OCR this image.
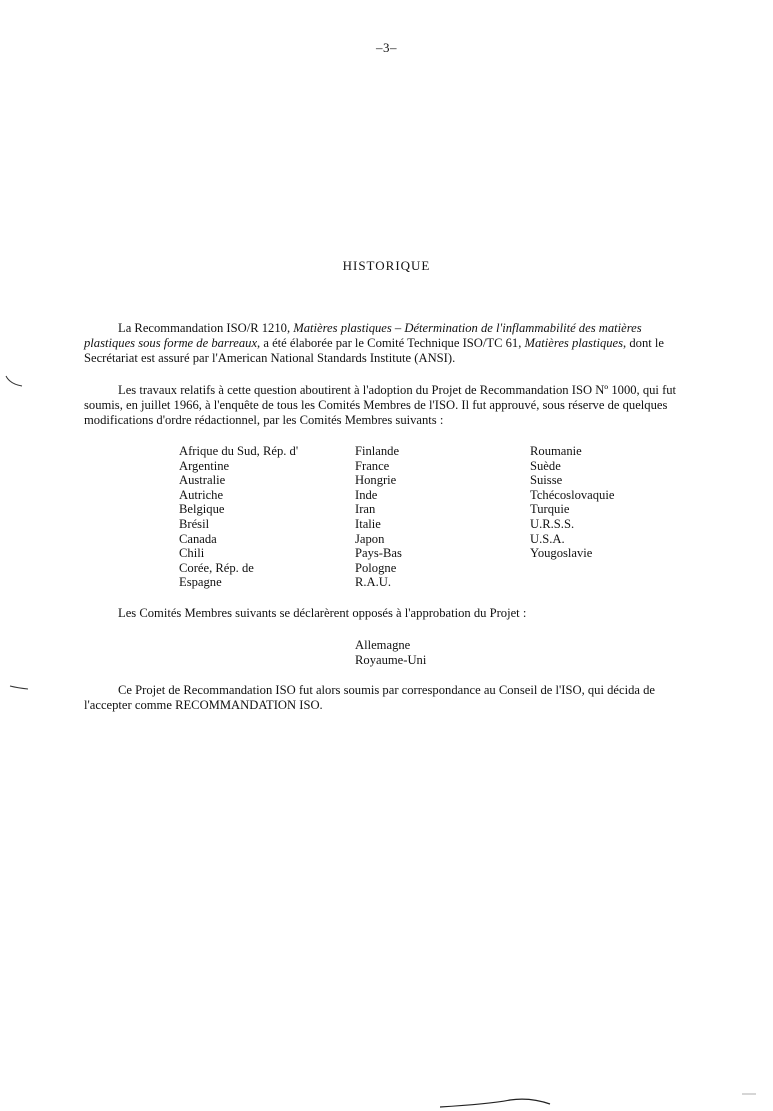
–3–
HISTORIQUE

La Recommandation ISO/R 1210, Matières plastiques – Détermination de l'inflammabilité des matières plastiques sous forme de barreaux, a été élaborée par le Comité Technique ISO/TC 61, Matières plastiques, dont le Secrétariat est assuré par l'American National Standards Institute (ANSI).

Les travaux relatifs à cette question aboutirent à l'adoption du Projet de Recommandation ISO Nº 1000, qui fut soumis, en juillet 1966, à l'enquête de tous les Comités Membres de l'ISO. Il fut approuvé, sous réserve de quelques modifications d'ordre rédactionnel, par les Comités Membres suivants :

Afrique du Sud, Rép. d'
Argentine
Australie
Autriche
Belgique
Brésil
Canada
Chili
Corée, Rép. de
Espagne
Finlande
France
Hongrie
Inde
Iran
Italie
Japon
Pays-Bas
Pologne
R.A.U.
Roumanie
Suède
Suisse
Tchécoslovaquie
Turquie
U.R.S.S.
U.S.A.
Yougoslavie

Les Comités Membres suivants se déclarèrent opposés à l'approbation du Projet :

Allemagne
Royaume-Uni

Ce Projet de Recommandation ISO fut alors soumis par correspondance au Conseil de l'ISO, qui décida de l'accepter comme RECOMMANDATION ISO.
